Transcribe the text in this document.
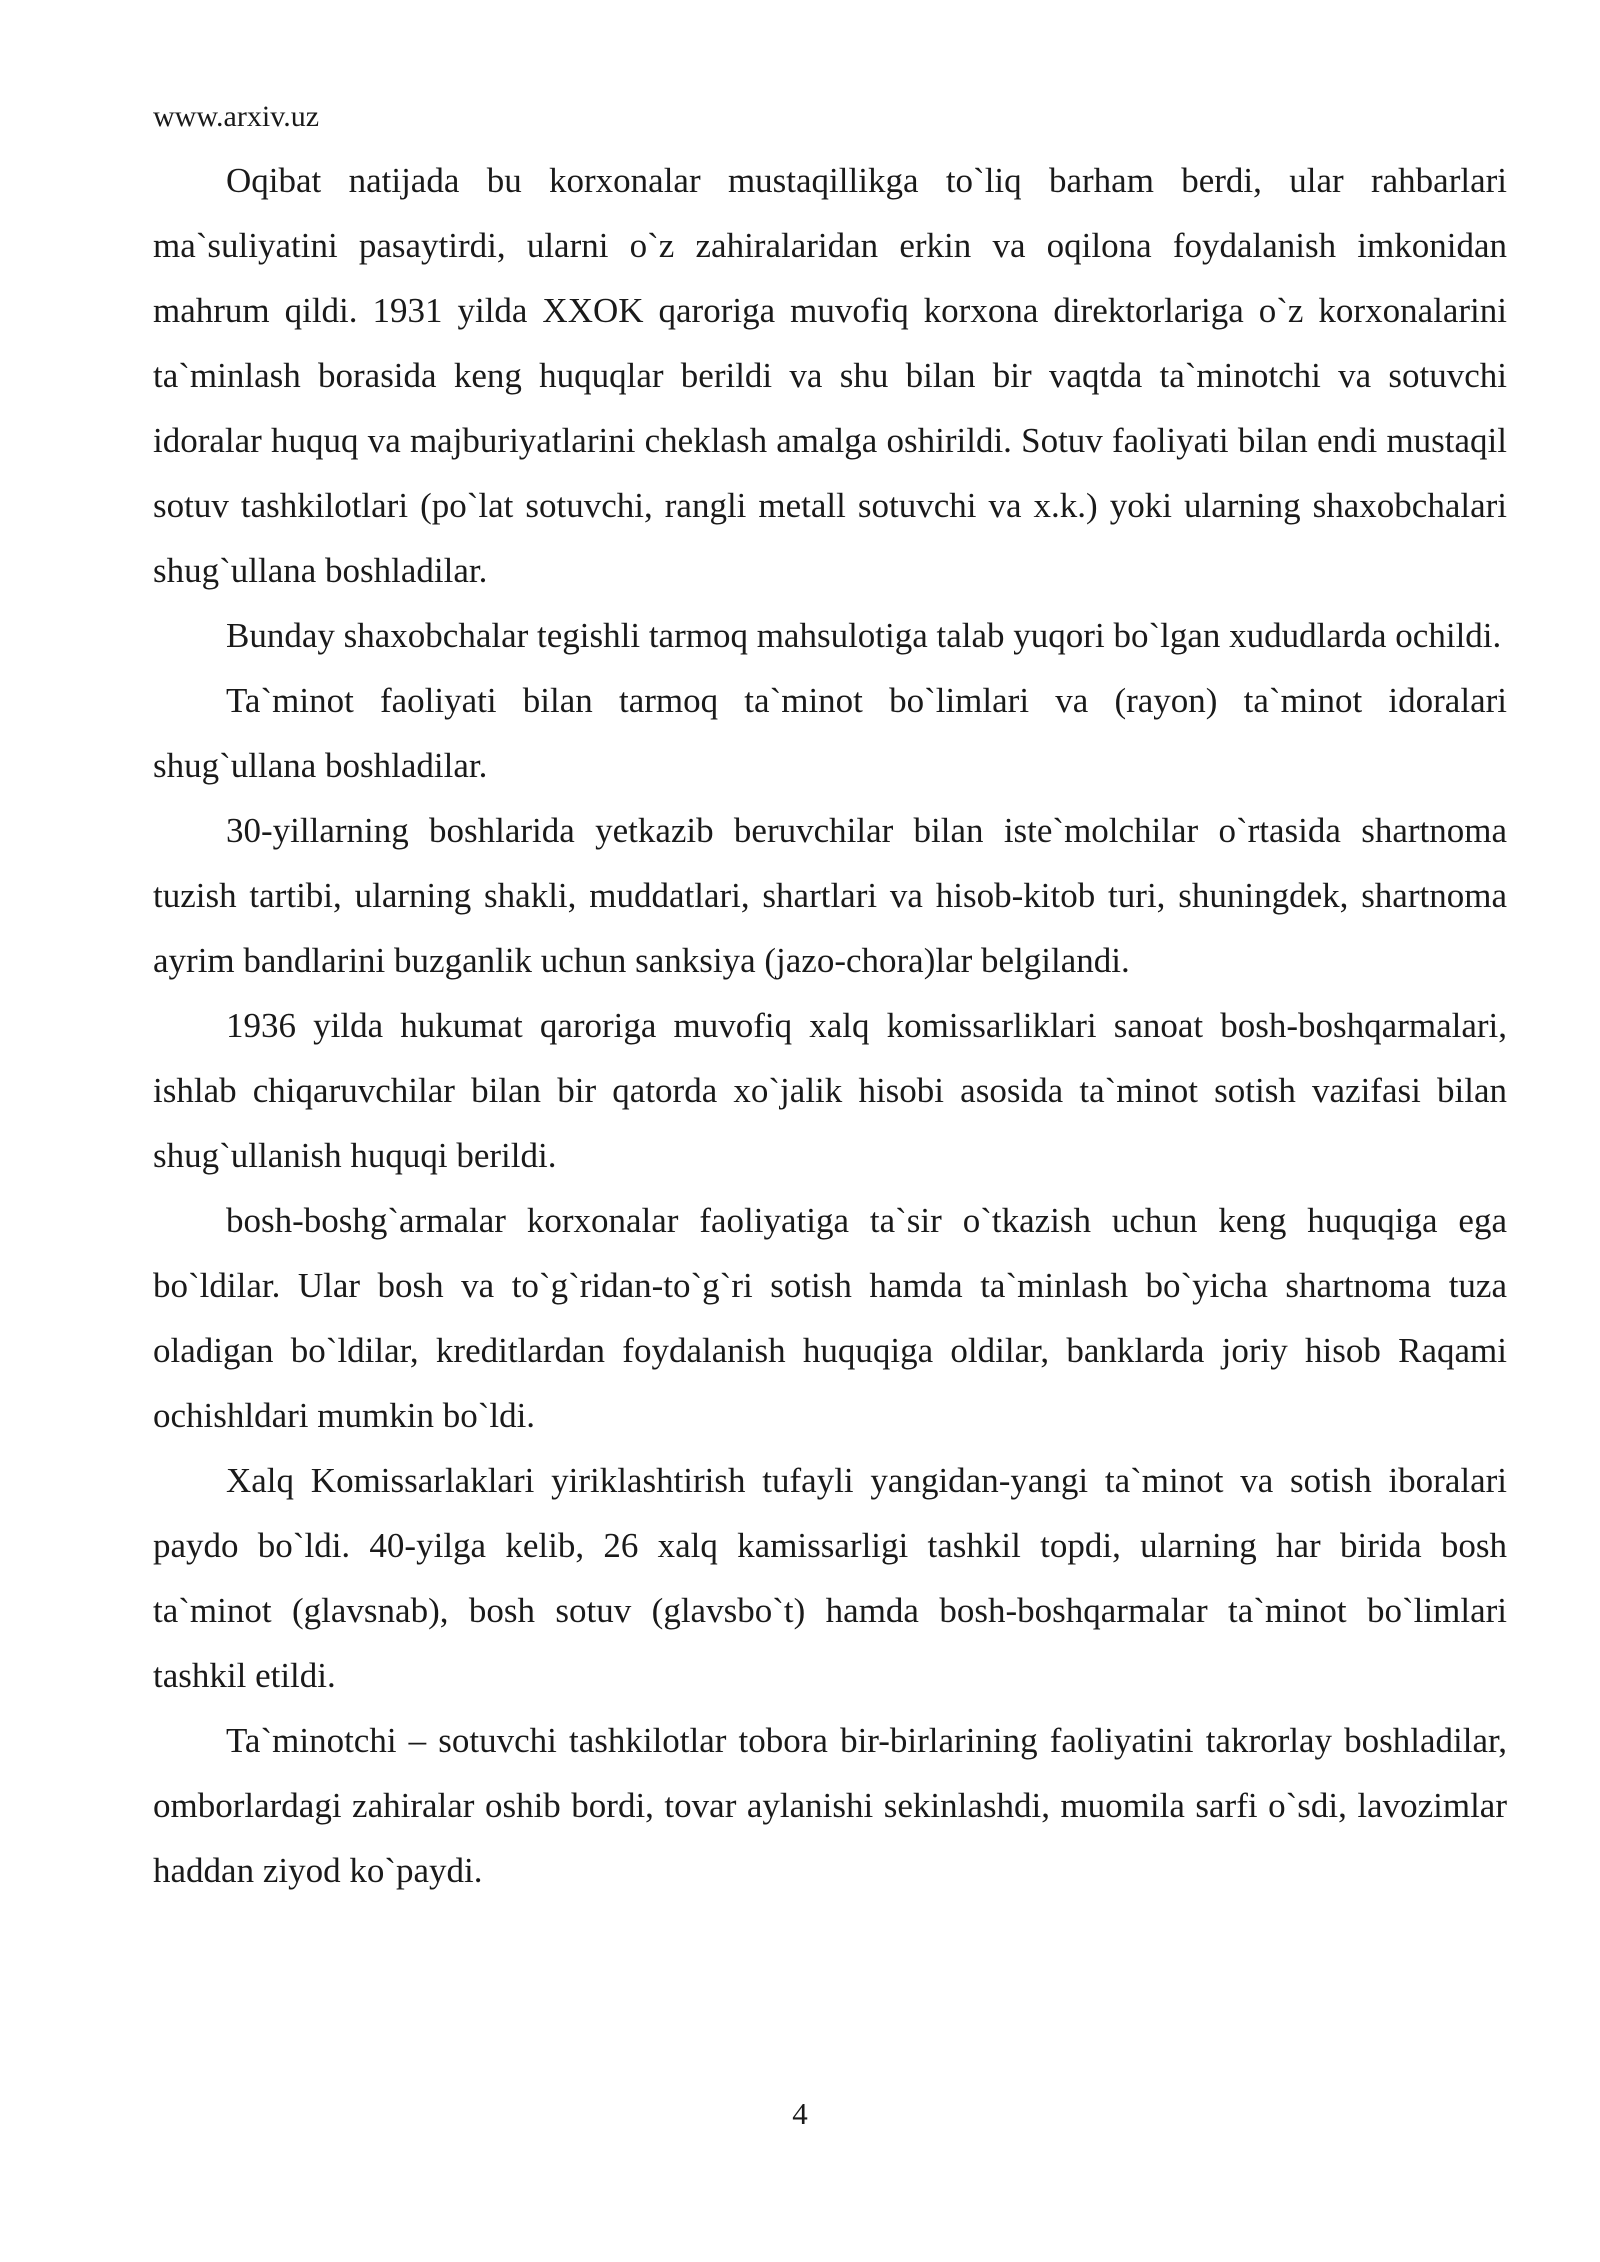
www.arxiv.uz

Oqibat natijada bu korxonalar mustaqillikga to`liq barham berdi, ular rahbarlari ma`suliyatini pasaytirdi, ularni o`z zahiralaridan erkin va oqilona foydalanish imkonidan mahrum qildi. 1931 yilda XXOK qaroriga muvofiq korxona direktorlariga o`z korxonalarini ta`minlash borasida keng huquqlar berildi va shu bilan bir vaqtda ta`minotchi va sotuvchi idoralar huquq va majburiyatlarini cheklash amalga oshirildi. Sotuv faoliyati bilan endi mustaqil sotuv tashkilotlari (po`lat sotuvchi, rangli metall sotuvchi va x.k.) yoki ularning shaxobchalari shug`ullana boshladilar.

Bunday shaxobchalar tegishli tarmoq mahsulotiga talab yuqori bo`lgan xududlarda ochildi.

Ta`minot faoliyati bilan tarmoq ta`minot bo`limlari va (rayon) ta`minot idoralari shug`ullana boshladilar.

30-yillarning boshlarida yetkazib beruvchilar bilan iste`molchilar o`rtasida shartnoma tuzish tartibi, ularning shakli, muddatlari, shartlari va hisob-kitob turi, shuningdek, shartnoma ayrim bandlarini buzganlik uchun sanksiya (jazo-chora)lar belgilandi.

1936 yilda hukumat qaroriga muvofiq xalq komissarliklari sanoat bosh-boshqarmalari, ishlab chiqaruvchilar bilan bir qatorda xo`jalik hisobi asosida ta`minot sotish vazifasi bilan shug`ullanish huquqi berildi.

bosh-boshg`armalar korxonalar faoliyatiga ta`sir o`tkazish uchun keng huquqiga ega bo`ldilar. Ular bosh va to`g`ridan-to`g`ri sotish hamda ta`minlash bo`yicha shartnoma tuza oladigan bo`ldilar, kreditlardan foydalanish huquqiga oldilar, banklarda joriy hisob Raqami ochishldari mumkin bo`ldi.

Xalq Komissarlaklari yiriklashtirish tufayli yangidan-yangi ta`minot va sotish iboralari paydo bo`ldi. 40-yilga kelib, 26 xalq kamissarligi tashkil topdi, ularning har birida bosh ta`minot (glavsnab), bosh sotuv (glavsbo`t) hamda bosh-boshqarmalar ta`minot bo`limlari tashkil etildi.

Ta`minotchi – sotuvchi tashkilotlar tobora bir-birlarining faoliyatini takrorlay boshladilar, omborlardagi zahiralar oshib bordi, tovar aylanishi sekinlashdi, muomila sarfi o`sdi, lavozimlar haddan ziyod ko`paydi.

4
